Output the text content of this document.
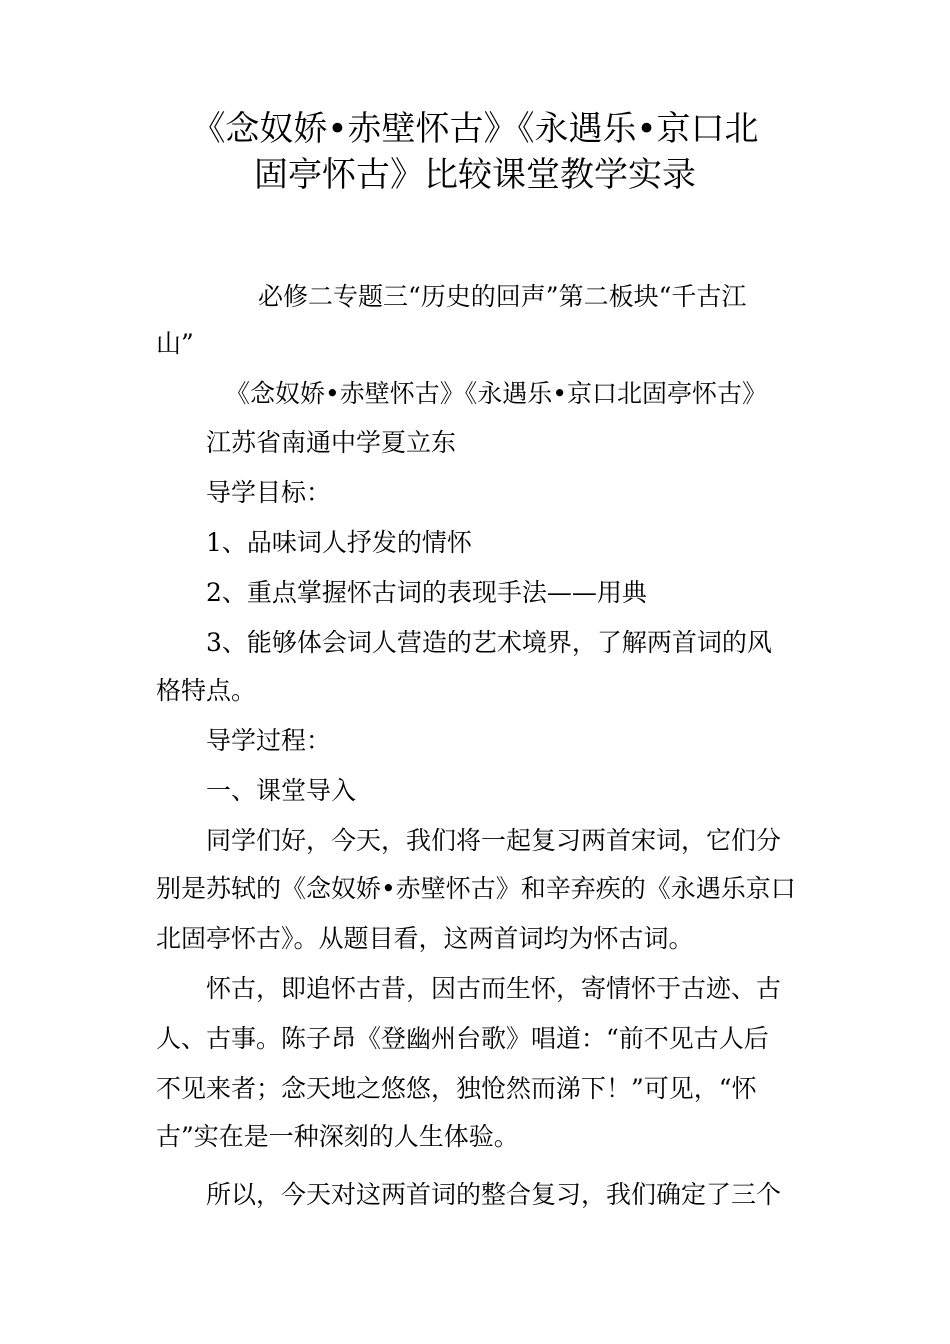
《念奴娇•赤壁怀古》《永遇乐•京口北
固亭怀古》比较课堂教学实录

必修二专题三“历史的回声”第二板块“千古江

山”

《念奴娇•赤壁怀古》《永遇乐•京口北固亭怀古》

江苏省南通中学夏立东

导学目标：

1、品味词人抒发的情怀

2、重点掌握怀古词的表现手法——用典

3、能够体会词人营造的艺术境界，了解两首词的风

格特点。

导学过程：

一、课堂导入

同学们好，今天，我们将一起复习两首宋词，它们分

别是苏轼的《念奴娇•赤壁怀古》和辛弃疾的《永遇乐京口

北固亭怀古》。从题目看，这两首词均为怀古词。

怀古，即追怀古昔，因古而生怀，寄情怀于古迹、古

人、古事。陈子昂《登幽州台歌》唱道：“前不见古人后

不见来者；念天地之悠悠，独怆然而涕下！”可见，“怀

古”实在是一种深刻的人生体验。

所以，今天对这两首词的整合复习，我们确定了三个
